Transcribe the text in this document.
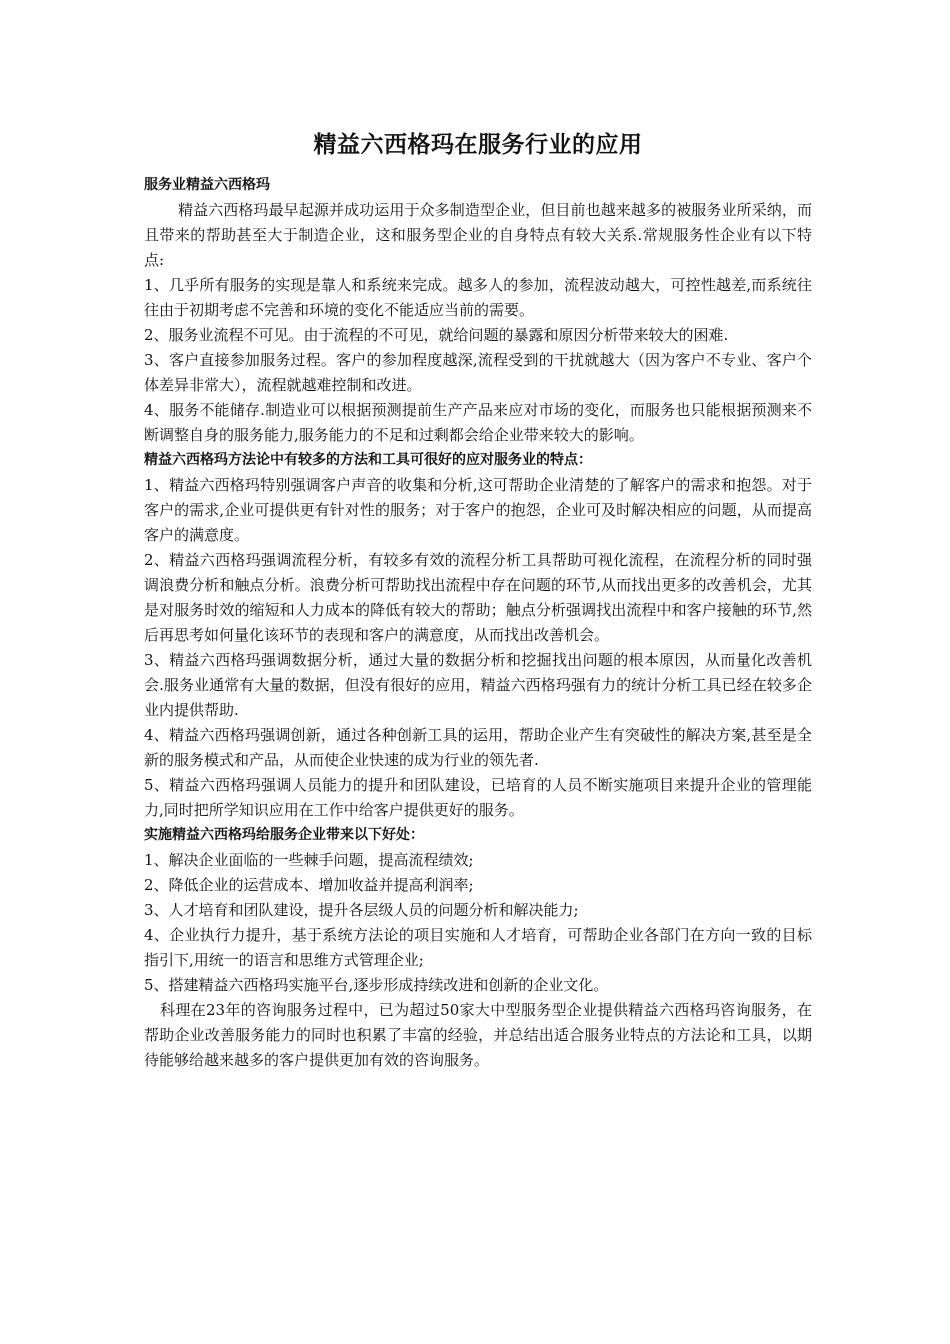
精益六西格玛在服务行业的应用
服务业精益六西格玛

精益六西格玛最早起源并成功运用于众多制造型企业，但目前也越来越多的被服务业所采纳，而且带来的帮助甚至大于制造企业，这和服务型企业的自身特点有较大关系.常规服务性企业有以下特点:

1、几乎所有服务的实现是靠人和系统来完成。越多人的参加，流程波动越大，可控性越差,而系统往往由于初期考虑不完善和环境的变化不能适应当前的需要。

2、服务业流程不可见。由于流程的不可见，就给问题的暴露和原因分析带来较大的困难.

3、客户直接参加服务过程。客户的参加程度越深,流程受到的干扰就越大（因为客户不专业、客户个体差异非常大），流程就越难控制和改进。

4、服务不能储存.制造业可以根据预测提前生产产品来应对市场的变化，而服务也只能根据预测来不断调整自身的服务能力,服务能力的不足和过剩都会给企业带来较大的影响。

精益六西格玛方法论中有较多的方法和工具可很好的应对服务业的特点：

1、精益六西格玛特别强调客户声音的收集和分析,这可帮助企业清楚的了解客户的需求和抱怨。对于客户的需求,企业可提供更有针对性的服务；对于客户的抱怨，企业可及时解决相应的问题，从而提高客户的满意度。

2、精益六西格玛强调流程分析，有较多有效的流程分析工具帮助可视化流程，在流程分析的同时强调浪费分析和触点分析。浪费分析可帮助找出流程中存在问题的环节,从而找出更多的改善机会，尤其是对服务时效的缩短和人力成本的降低有较大的帮助；触点分析强调找出流程中和客户接触的环节,然后再思考如何量化该环节的表现和客户的满意度，从而找出改善机会。

3、精益六西格玛强调数据分析，通过大量的数据分析和挖掘找出问题的根本原因，从而量化改善机会.服务业通常有大量的数据，但没有很好的应用，精益六西格玛强有力的统计分析工具已经在较多企业内提供帮助.

4、精益六西格玛强调创新，通过各种创新工具的运用，帮助企业产生有突破性的解决方案,甚至是全新的服务模式和产品，从而使企业快速的成为行业的领先者.

5、精益六西格玛强调人员能力的提升和团队建设，已培育的人员不断实施项目来提升企业的管理能力,同时把所学知识应用在工作中给客户提供更好的服务。

实施精益六西格玛给服务企业带来以下好处：

1、解决企业面临的一些棘手问题，提高流程绩效;

2、降低企业的运营成本、增加收益并提高利润率;

3、人才培育和团队建设，提升各层级人员的问题分析和解决能力;

4、企业执行力提升，基于系统方法论的项目实施和人才培育，可帮助企业各部门在方向一致的目标指引下,用统一的语言和思维方式管理企业;

5、搭建精益六西格玛实施平台,逐步形成持续改进和创新的企业文化。

科理在23年的咨询服务过程中，已为超过50家大中型服务型企业提供精益六西格玛咨询服务，在帮助企业改善服务能力的同时也积累了丰富的经验，并总结出适合服务业特点的方法论和工具，以期待能够给越来越多的客户提供更加有效的咨询服务。
